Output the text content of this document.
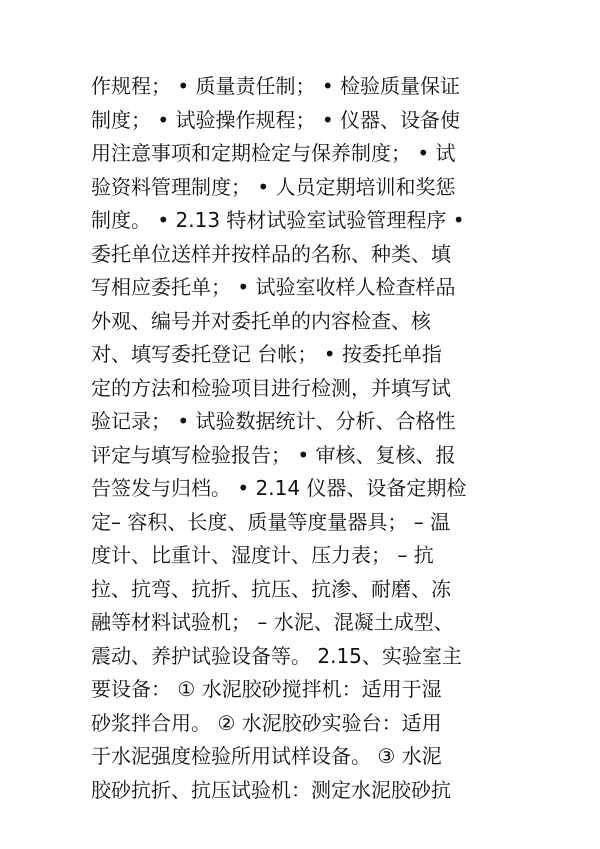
作规程； • 质量责任制； • 检验质量保证
制度； • 试验操作规程； • 仪器、设备使
用注意事项和定期检定与保养制度； • 试
验资料管理制度； • 人员定期培训和奖惩
制度。 • 2.13 特材试验室试验管理程序 •
委托单位送样并按样品的名称、种类、填
写相应委托单； • 试验室收样人检查样品
外观、编号并对委托单的内容检查、核
对、填写委托登记 台帐； • 按委托单指
定的方法和检验项目进行检测，并填写试
验记录； • 试验数据统计、分析、合格性
评定与填写检验报告； • 审核、复核、报
告签发与归档。 • 2.14 仪器、设备定期检
定– 容积、长度、质量等度量器具； – 温
度计、比重计、湿度计、压力表； – 抗
拉、抗弯、抗折、抗压、抗渗、耐磨、冻
融等材料试验机； – 水泥、混凝土成型、
震动、养护试验设备等。 2.15、实验室主
要设备： ① 水泥胶砂搅拌机：适用于湿
砂浆拌合用。 ② 水泥胶砂实验台：适用
于水泥强度检验所用试样设备。 ③ 水泥
胶砂抗折、抗压试验机：测定水泥胶砂抗
